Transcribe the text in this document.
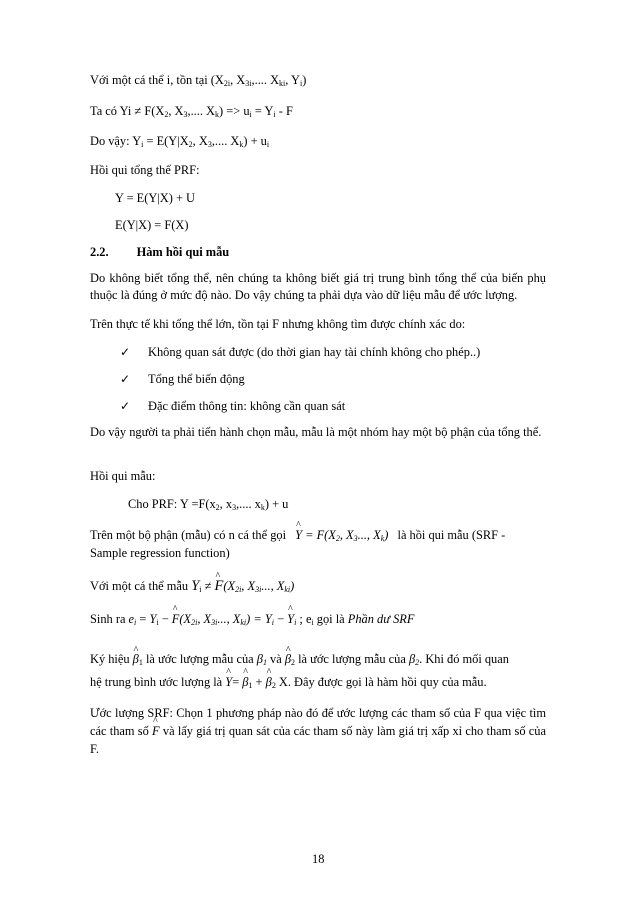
Với một cá thể i, tồn tại ($X_{2i}$, $X_{3i}$,.... $X_{ki}$, $Y_i$)
Ta có $Yi \ne F(X_2$, $X_3$,.... $X_k) => u_i = Y_i - F$
Do vậy: $Y_i = E(Y|X_2$, $X_3$,.... $X_k) + u_i$
Hồi qui tổng thể PRF:
Y = E(Y|X) + U
E(Y|X) = F(X)
2.2. Hàm hồi qui mẫu
Do không biết tổng thể, nên chúng ta không biết giá trị trung bình tổng thể của biến phụ thuộc là đúng ở mức độ nào. Do vậy chúng ta phải dựa vào dữ liệu mẫu để ước lượng.
Trên thực tế khi tổng thể lớn, tồn tại F nhưng không tìm được chính xác do:
✓ Không quan sát được (do thời gian hay tài chính không cho phép..)
✓ Tổng thể biến động
✓ Đặc điểm thông tin: không cần quan sát
Do vậy người ta phải tiến hành chọn mẫu, mẫu là một nhóm hay một bộ phận của tổng thể.
Hồi qui mẫu:
Cho PRF: $Y =F(x_2$, $x_3$,.... $x_k) + u$
Trên một bộ phận (mẫu) có n cá thể gọi ^ $Y = F(X_2$, $X_3$..., $X_k$) là hồi qui mẫu (SRF -
Sample regression function)
Với một cá thể mẫu $Y_i$ ≠ ^ $F(X_{2i}$, $X_{3i}$..., $X_{ki}$)
Sinh ra $e_i = Y_i$ − ^ $F(X_{2i}$, $X_{3i}$..., $X_{ki}) = Y_i$ − ^ $Y_i$ ; $e_i$ gọi là Phần dư SRF
Ký hiệu ^ $\beta_1$ là ước lượng mẫu của $\beta_1$ và ^ $\beta_2$ là ước lượng mẫu của $\beta_2$. Khi đó mối quan
hệ trung bình ước lượng là ^ Y= ^ $\beta_1$ + ^ $\beta_2$ X. Đây được gọi là hàm hồi quy của mẫu.
Ước lượng SRF: Chọn 1 phương pháp nào đó để ước lượng các tham số của F qua việc tìm các tham số ^ F và lấy giá trị quan sát của các tham số này làm giá trị xấp xỉ cho tham số của F.
18
